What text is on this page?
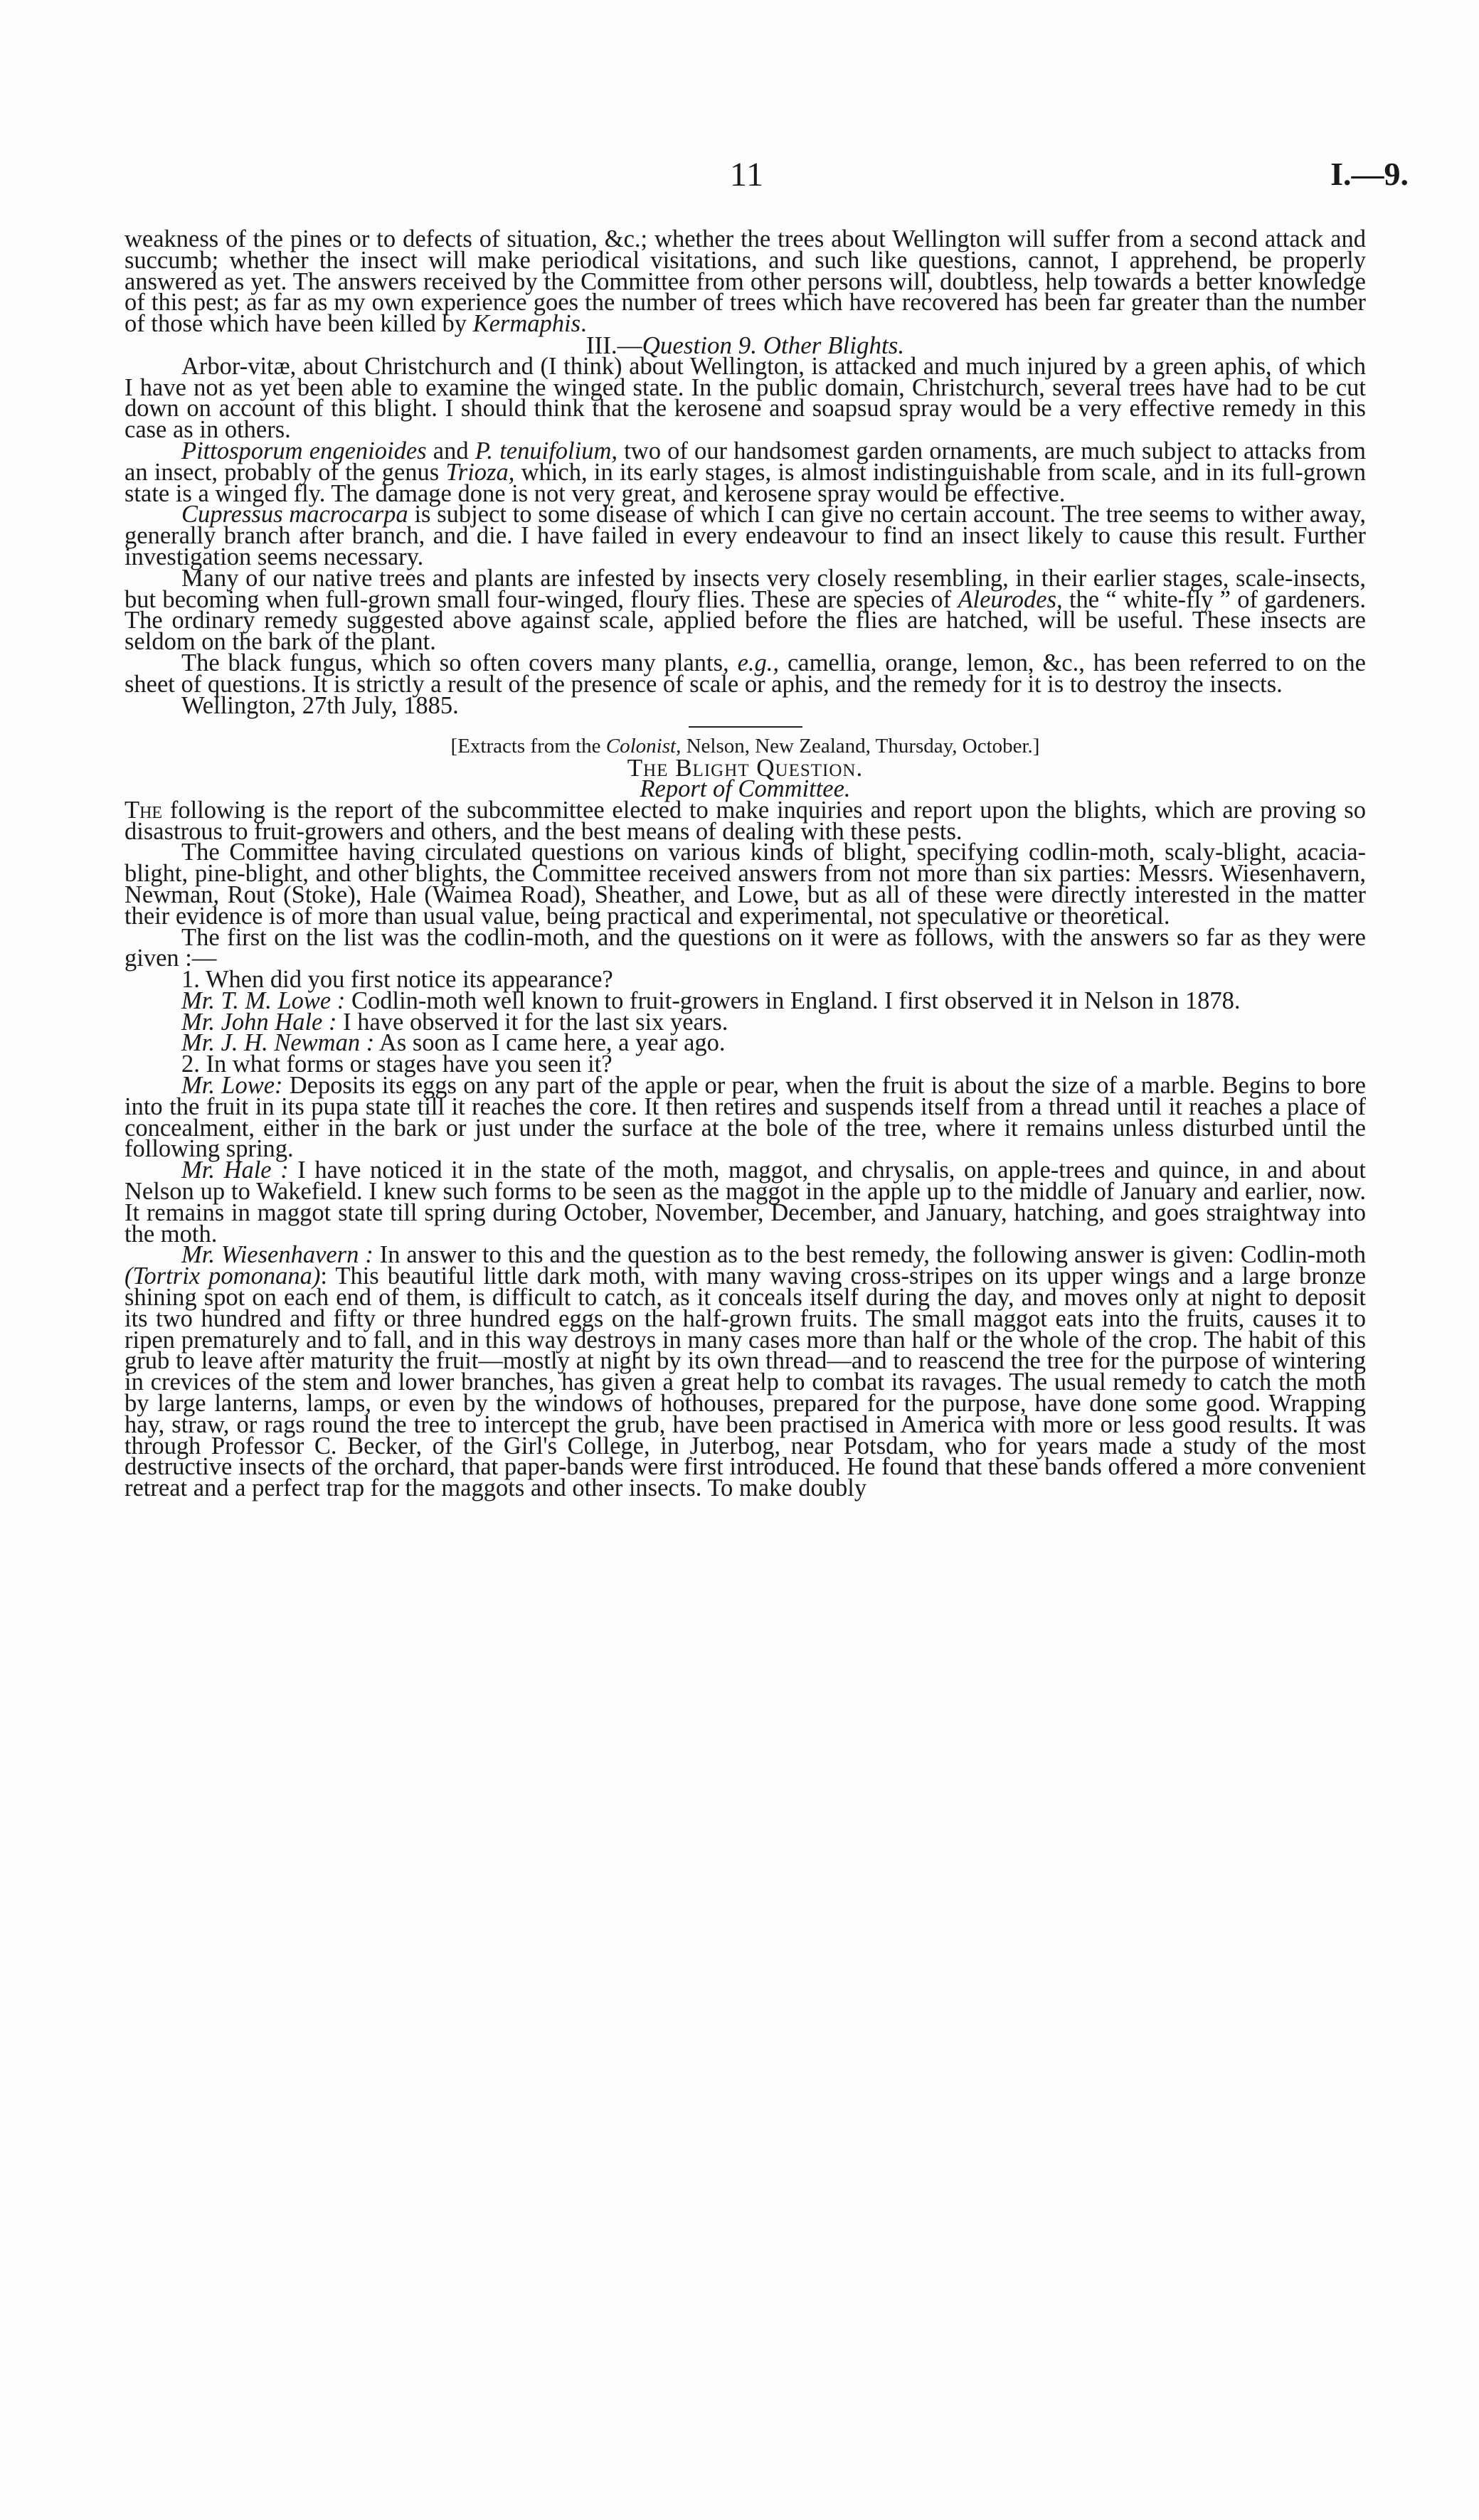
11	I.—9.

weakness of the pines or to defects of situation, &c.; whether the trees about Wellington will suffer from a second attack and succumb; whether the insect will make periodical visitations, and such like questions, cannot, I apprehend, be properly answered as yet. The answers received by the Committee from other persons will, doubtless, help towards a better knowledge of this pest; as far as my own experience goes the number of trees which have recovered has been far greater than the number of those which have been killed by Kermaphis.

III.—Question 9. Other Blights.

Arbor-vitæ, about Christchurch and (I think) about Wellington, is attacked and much injured by a green aphis, of which I have not as yet been able to examine the winged state. In the public domain, Christchurch, several trees have had to be cut down on account of this blight. I should think that the kerosene and soapsud spray would be a very effective remedy in this case as in others.

Pittosporum engenioides and P. tenuifolium, two of our handsomest garden ornaments, are much subject to attacks from an insect, probably of the genus Trioza, which, in its early stages, is almost indistinguishable from scale, and in its full-grown state is a winged fly. The damage done is not very great, and kerosene spray would be effective.

Cupressus macrocarpa is subject to some disease of which I can give no certain account. The tree seems to wither away, generally branch after branch, and die. I have failed in every endeavour to find an insect likely to cause this result. Further investigation seems necessary.

Many of our native trees and plants are infested by insects very closely resembling, in their earlier stages, scale-insects, but becoming when full-grown small four-winged, floury flies. These are species of Aleurodes, the “ white-fly ” of gardeners. The ordinary remedy suggested above against scale, applied before the flies are hatched, will be useful. These insects are seldom on the bark of the plant.

The black fungus, which so often covers many plants, e.g., camellia, orange, lemon, &c., has been referred to on the sheet of questions. It is strictly a result of the presence of scale or aphis, and the remedy for it is to destroy the insects.

Wellington, 27th July, 1885.

[Extracts from the Colonist, Nelson, New Zealand, Thursday, October.]

The Blight Question.

Report of Committee.

The following is the report of the subcommittee elected to make inquiries and report upon the blights, which are proving so disastrous to fruit-growers and others, and the best means of dealing with these pests.

The Committee having circulated questions on various kinds of blight, specifying codlin-moth, scaly-blight, acacia-blight, pine-blight, and other blights, the Committee received answers from not more than six parties: Messrs. Wiesenhavern, Newman, Rout (Stoke), Hale (Waimea Road), Sheather, and Lowe, but as all of these were directly interested in the matter their evidence is of more than usual value, being practical and experimental, not speculative or theoretical.

The first on the list was the codlin-moth, and the questions on it were as follows, with the answers so far as they were given :—

1. When did you first notice its appearance?

Mr. T. M. Lowe : Codlin-moth well known to fruit-growers in England. I first observed it in Nelson in 1878.

Mr. John Hale : I have observed it for the last six years.

Mr. J. H. Newman : As soon as I came here, a year ago.

2. In what forms or stages have you seen it?

Mr. Lowe: Deposits its eggs on any part of the apple or pear, when the fruit is about the size of a marble. Begins to bore into the fruit in its pupa state till it reaches the core. It then retires and suspends itself from a thread until it reaches a place of concealment, either in the bark or just under the surface at the bole of the tree, where it remains unless disturbed until the following spring.

Mr. Hale : I have noticed it in the state of the moth, maggot, and chrysalis, on apple-trees and quince, in and about Nelson up to Wakefield. I knew such forms to be seen as the maggot in the apple up to the middle of January and earlier, now. It remains in maggot state till spring during October, November, December, and January, hatching, and goes straightway into the moth.

Mr. Wiesenhavern : In answer to this and the question as to the best remedy, the following answer is given: Codlin-moth (Tortrix pomonana): This beautiful little dark moth, with many waving cross-stripes on its upper wings and a large bronze shining spot on each end of them, is difficult to catch, as it conceals itself during the day, and moves only at night to deposit its two hundred and fifty or three hundred eggs on the half-grown fruits. The small maggot eats into the fruits, causes it to ripen prematurely and to fall, and in this way destroys in many cases more than half or the whole of the crop. The habit of this grub to leave after maturity the fruit—mostly at night by its own thread—and to reascend the tree for the purpose of wintering in crevices of the stem and lower branches, has given a great help to combat its ravages. The usual remedy to catch the moth by large lanterns, lamps, or even by the windows of hothouses, prepared for the purpose, have done some good. Wrapping hay, straw, or rags round the tree to intercept the grub, have been practised in America with more or less good results. It was through Professor C. Becker, of the Girl's College, in Juterbog, near Potsdam, who for years made a study of the most destructive insects of the orchard, that paper-bands were first introduced. He found that these bands offered a more convenient retreat and a perfect trap for the maggots and other insects. To make doubly
